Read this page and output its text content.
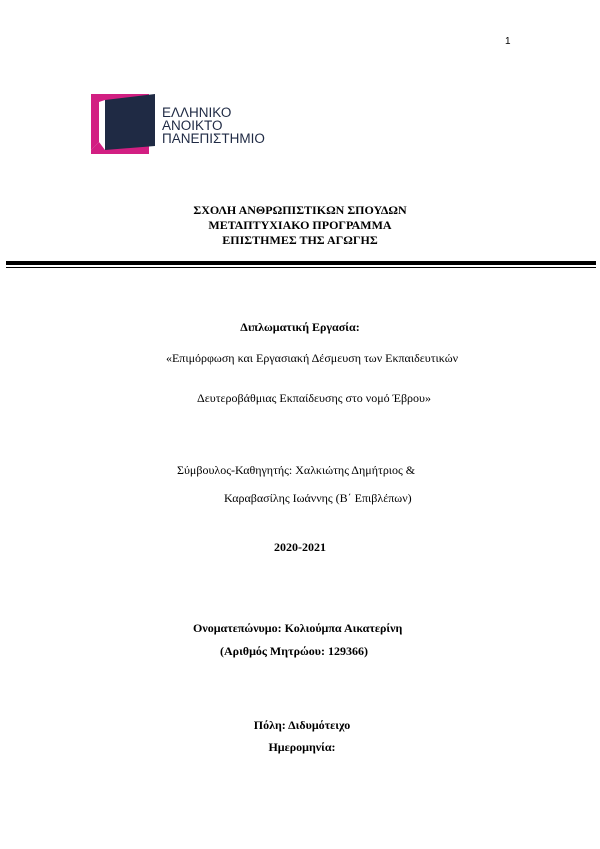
1
ΕΛΛΗΝΙΚΟ
ΑΝΟΙΚΤΟ
ΠΑΝΕΠΙΣΤΗΜΙΟ
ΣΧΟΛΗ ΑΝΘΡΩΠΙΣΤΙΚΩΝ ΣΠΟΥΔΩΝ
ΜΕΤΑΠΤΥΧΙΑΚΟ ΠΡΟΓΡΑΜΜΑ
ΕΠΙΣΤΗΜΕΣ ΤΗΣ ΑΓΩΓΗΣ
Διπλωματική Εργασία:
«Επιμόρφωση και Εργασιακή Δέσμευση των Εκπαιδευτικών
Δευτεροβάθμιας Εκπαίδευσης στο νομό Έβρου»
Σύμβουλος-Καθηγητής: Χαλκιώτης Δημήτριος &
Καραβασίλης Ιωάννης (Β΄ Επιβλέπων)
2020-2021
Ονοματεπώνυμο: Κολιούμπα Αικατερίνη
(Αριθμός Μητρώου: 129366)
Πόλη: Διδυμότειχο
Ημερομηνία:
